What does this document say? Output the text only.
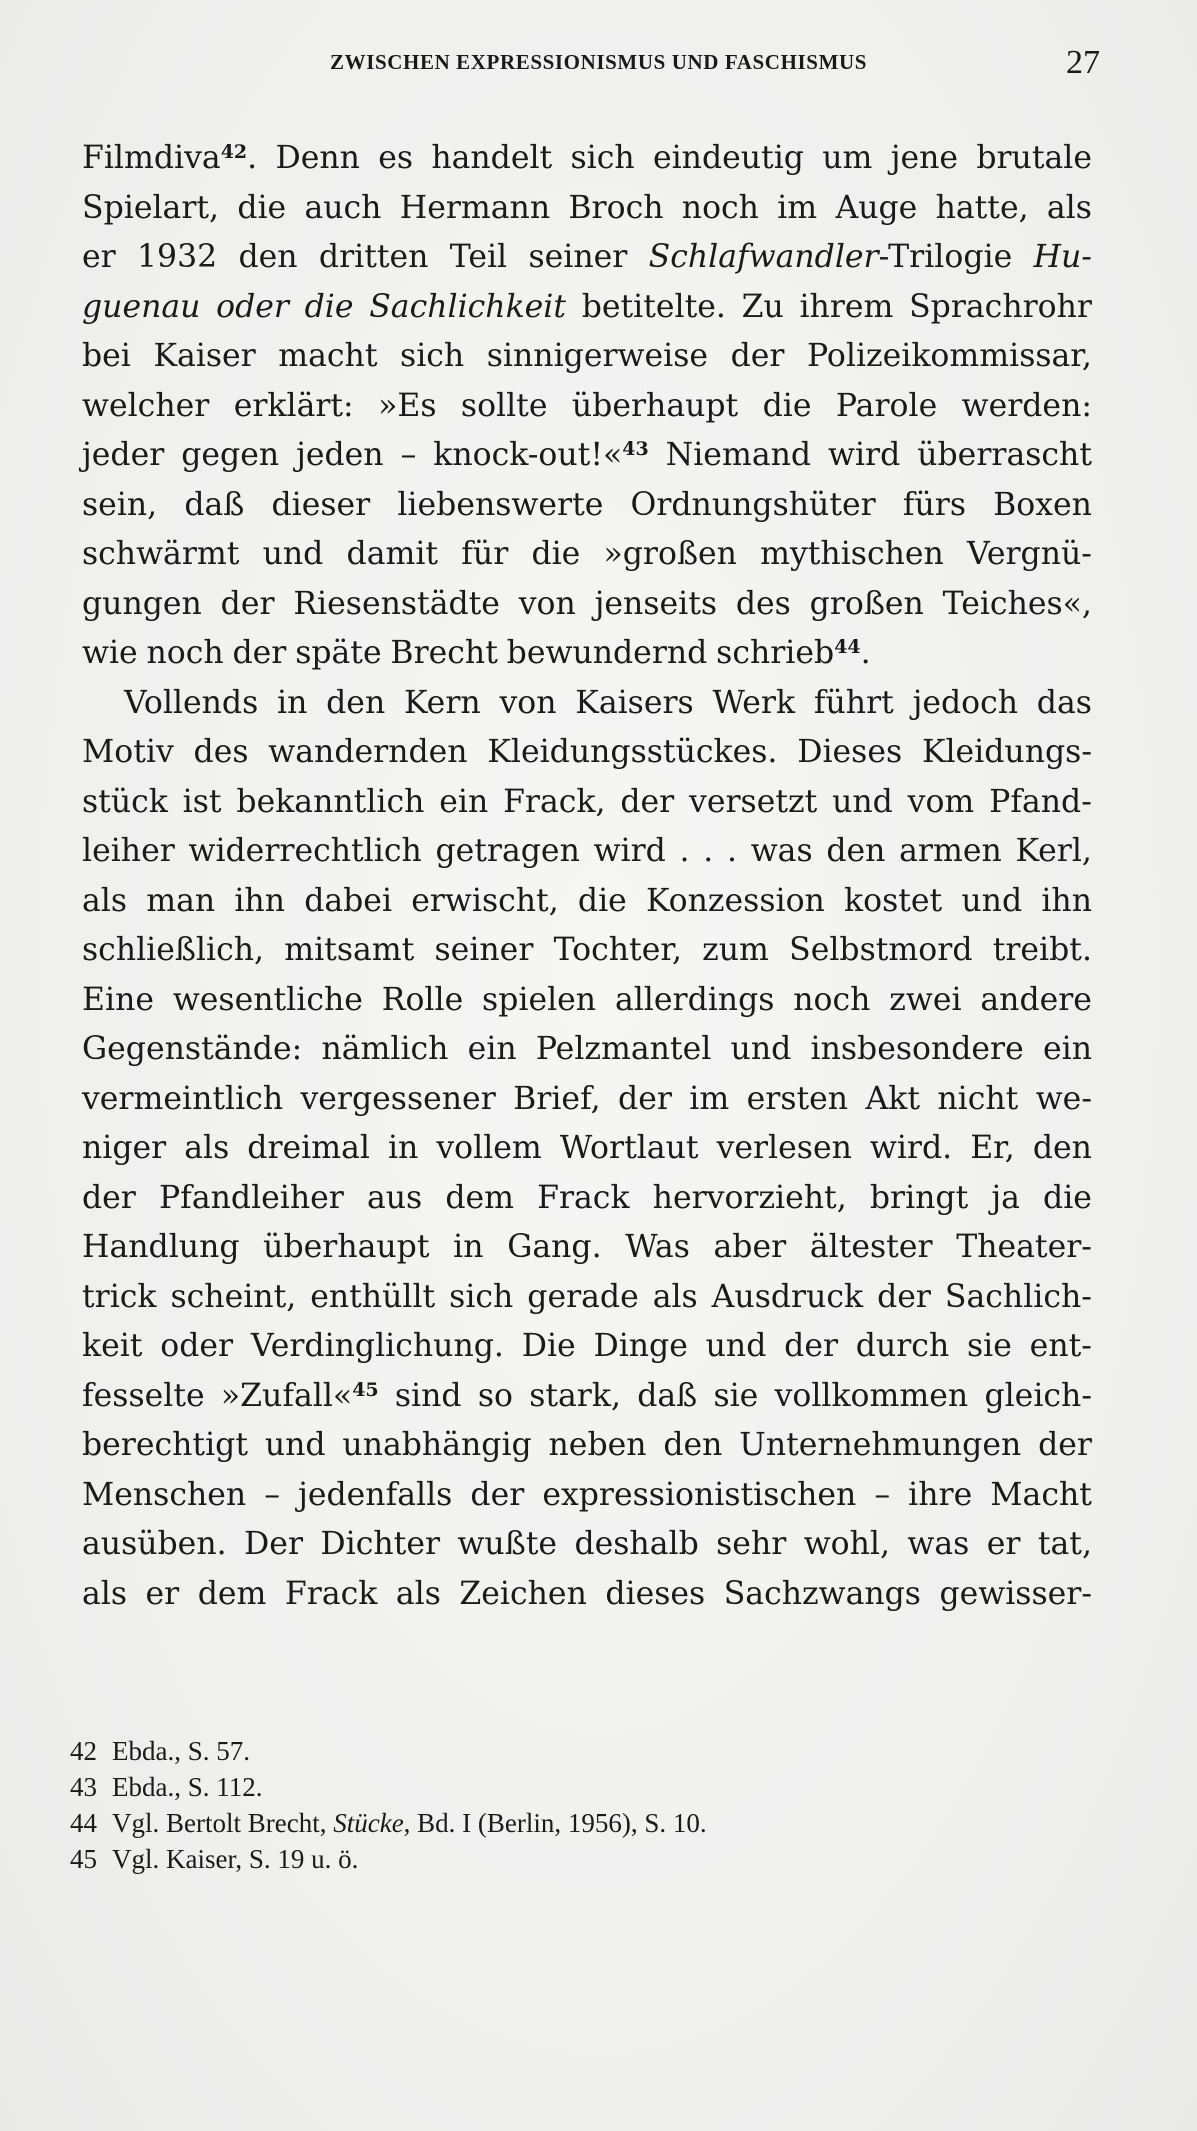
ZWISCHEN EXPRESSIONISMUS UND FASCHISMUS	27
Filmdiva$^{42}$. Denn es handelt sich eindeutig um jene brutale
Spielart, die auch Hermann Broch noch im Auge hatte, als
er 1932 den dritten Teil seiner Schlafwandler-Trilogie Hu-
guenau oder die Sachlichkeit betitelte. Zu ihrem Sprachrohr
bei Kaiser macht sich sinnigerweise der Polizeikommissar,
welcher erklärt: »Es sollte überhaupt die Parole werden:
jeder gegen jeden – knock-out!«$^{43}$ Niemand wird überrascht
sein, daß dieser liebenswerte Ordnungshüter fürs Boxen
schwärmt und damit für die »großen mythischen Vergnü-
gungen der Riesenstädte von jenseits des großen Teiches«,
wie noch der späte Brecht bewundernd schrieb$^{44}$.
Vollends in den Kern von Kaisers Werk führt jedoch das
Motiv des wandernden Kleidungsstückes. Dieses Kleidungs-
stück ist bekanntlich ein Frack, der versetzt und vom Pfand-
leiher widerrechtlich getragen wird . . . was den armen Kerl,
als man ihn dabei erwischt, die Konzession kostet und ihn
schließlich, mitsamt seiner Tochter, zum Selbstmord treibt.
Eine wesentliche Rolle spielen allerdings noch zwei andere
Gegenstände: nämlich ein Pelzmantel und insbesondere ein
vermeintlich vergessener Brief, der im ersten Akt nicht we-
niger als dreimal in vollem Wortlaut verlesen wird. Er, den
der Pfandleiher aus dem Frack hervorzieht, bringt ja die
Handlung überhaupt in Gang. Was aber ältester Theater-
trick scheint, enthüllt sich gerade als Ausdruck der Sachlich-
keit oder Verdinglichung. Die Dinge und der durch sie ent-
fesselte »Zufall«$^{45}$ sind so stark, daß sie vollkommen gleich-
berechtigt und unabhängig neben den Unternehmungen der
Menschen – jedenfalls der expressionistischen – ihre Macht
ausüben. Der Dichter wußte deshalb sehr wohl, was er tat,
als er dem Frack als Zeichen dieses Sachzwangs gewisser-
42 Ebda., S. 57.
43 Ebda., S. 112.
44 Vgl. Bertolt Brecht, Stücke, Bd. I (Berlin, 1956), S. 10.
45 Vgl. Kaiser, S. 19 u. ö.
